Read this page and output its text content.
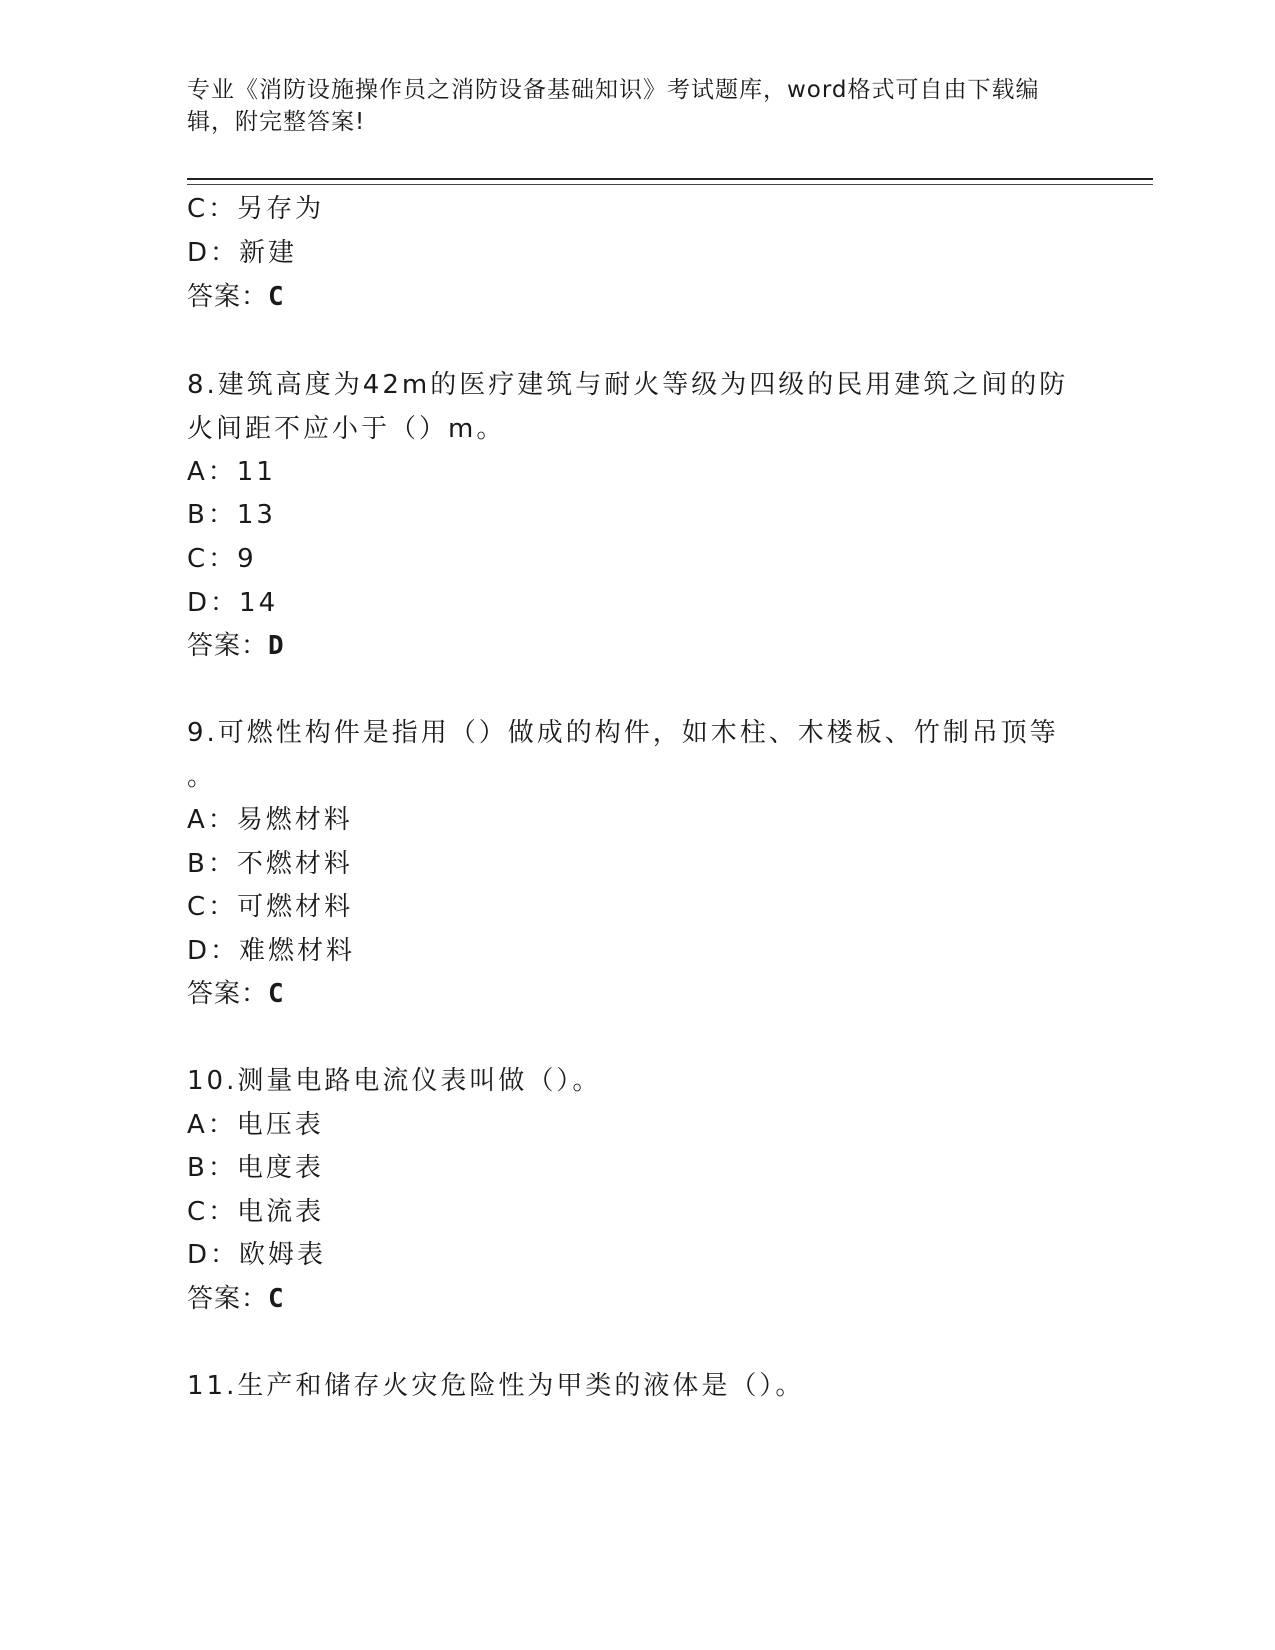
专业《消防设施操作员之消防设备基础知识》考试题库，word格式可自由下载编
辑，附完整答案!
C：另存为
D：新建
答案：C
8.建筑高度为42m的医疗建筑与耐火等级为四级的民用建筑之间的防
火间距不应小于（）m。
A：11
B：13
C：9
D：14
答案：D
9.可燃性构件是指用（）做成的构件，如木柱、木楼板、竹制吊顶等
。
A：易燃材料
B：不燃材料
C：可燃材料
D：难燃材料
答案：C
10.测量电路电流仪表叫做（）。
A：电压表
B：电度表
C：电流表
D：欧姆表
答案：C
11.生产和储存火灾危险性为甲类的液体是（）。
